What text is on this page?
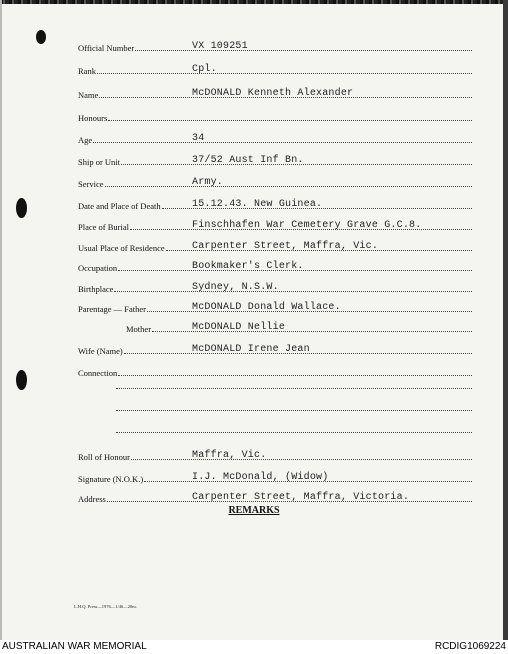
Official Number	VX 109251
Rank	Cpl.
Name	McDONALD Kenneth Alexander
Honours
Age	34
Ship or Unit	37/52 Aust Inf Bn.
Service	Army.
Date and Place of Death	15.12.43. New Guinea.
Place of Burial	Finschhafen War Cemetery Grave G.C.8.
Usual Place of Residence	Carpenter Street, Maffra, Vic.
Occupation	Bookmaker's Clerk.
Birthplace	Sydney, N.S.W.
Parentage — Father	McDONALD Donald Wallace.
Mother	McDONALD Nellie
Wife (Name)	McDONALD Irene Jean
Connection
Roll of Honour	Maffra, Vic.
Signature (N.O.K.)	I.J. McDonald, (Widow)
Address	Carpenter Street, Maffra, Victoria.
REMARKS
L.H.Q. Press—1976—1/46—20m.
AUSTRALIAN WAR MEMORIAL	RCDIG1069224
